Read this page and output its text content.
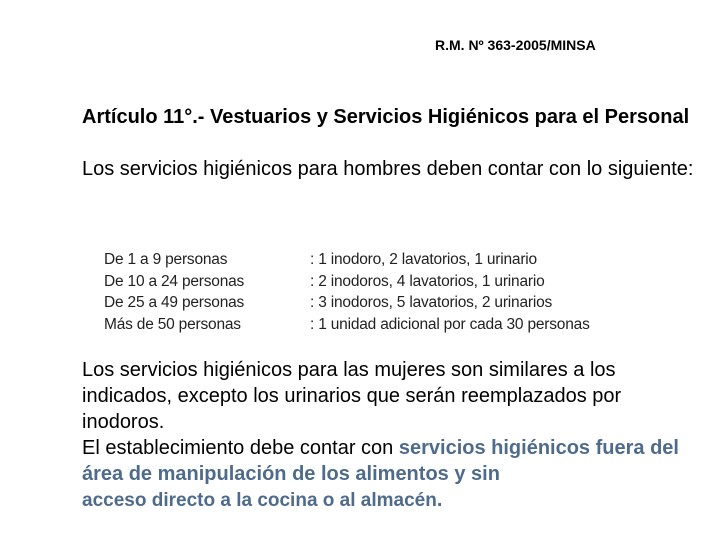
R.M. Nº 363-2005/MINSA

Artículo 11°.- Vestuarios y Servicios Higiénicos para el Personal

Los servicios higiénicos para hombres deben contar con lo siguiente:

De 1 a 9 personas	: 1 inodoro, 2 lavatorios, 1 urinario
De 10 a 24 personas	: 2 inodoros, 4 lavatorios, 1 urinario
De 25 a 49 personas	: 3 inodoros, 5 lavatorios, 2 urinarios
Más de 50 personas	: 1 unidad adicional por cada 30 personas
Los servicios higiénicos para las mujeres son similares a los indicados, excepto los urinarios que serán reemplazados por inodoros.
El establecimiento debe contar con servicios higiénicos fuera del área de manipulación de los alimentos y sin
acceso directo a la cocina o al almacén.
